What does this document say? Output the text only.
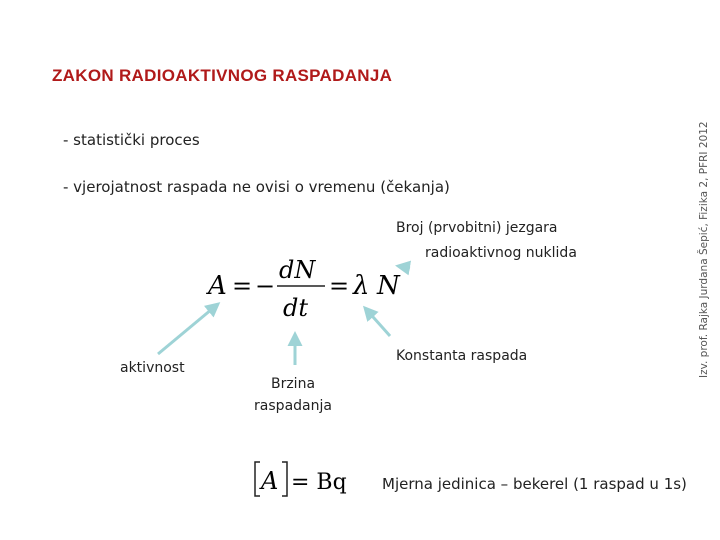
ZAKON RADIOAKTIVNOG RASPADANJA
Izv. prof. Rajka Jurdana Šepić, Fizika 2, PFRI 2012
- statistički proces
- vjerojatnost raspada ne ovisi o vremenu (čekanja)
A = −
dN
dt
= λ N
Broj (prvobitni) jezgara
radioaktivnog nuklida
Konstanta raspada
aktivnost
Brzina
raspadanja
A = Bq Mjerna jedinica – bekerel (1 raspad u 1s)
